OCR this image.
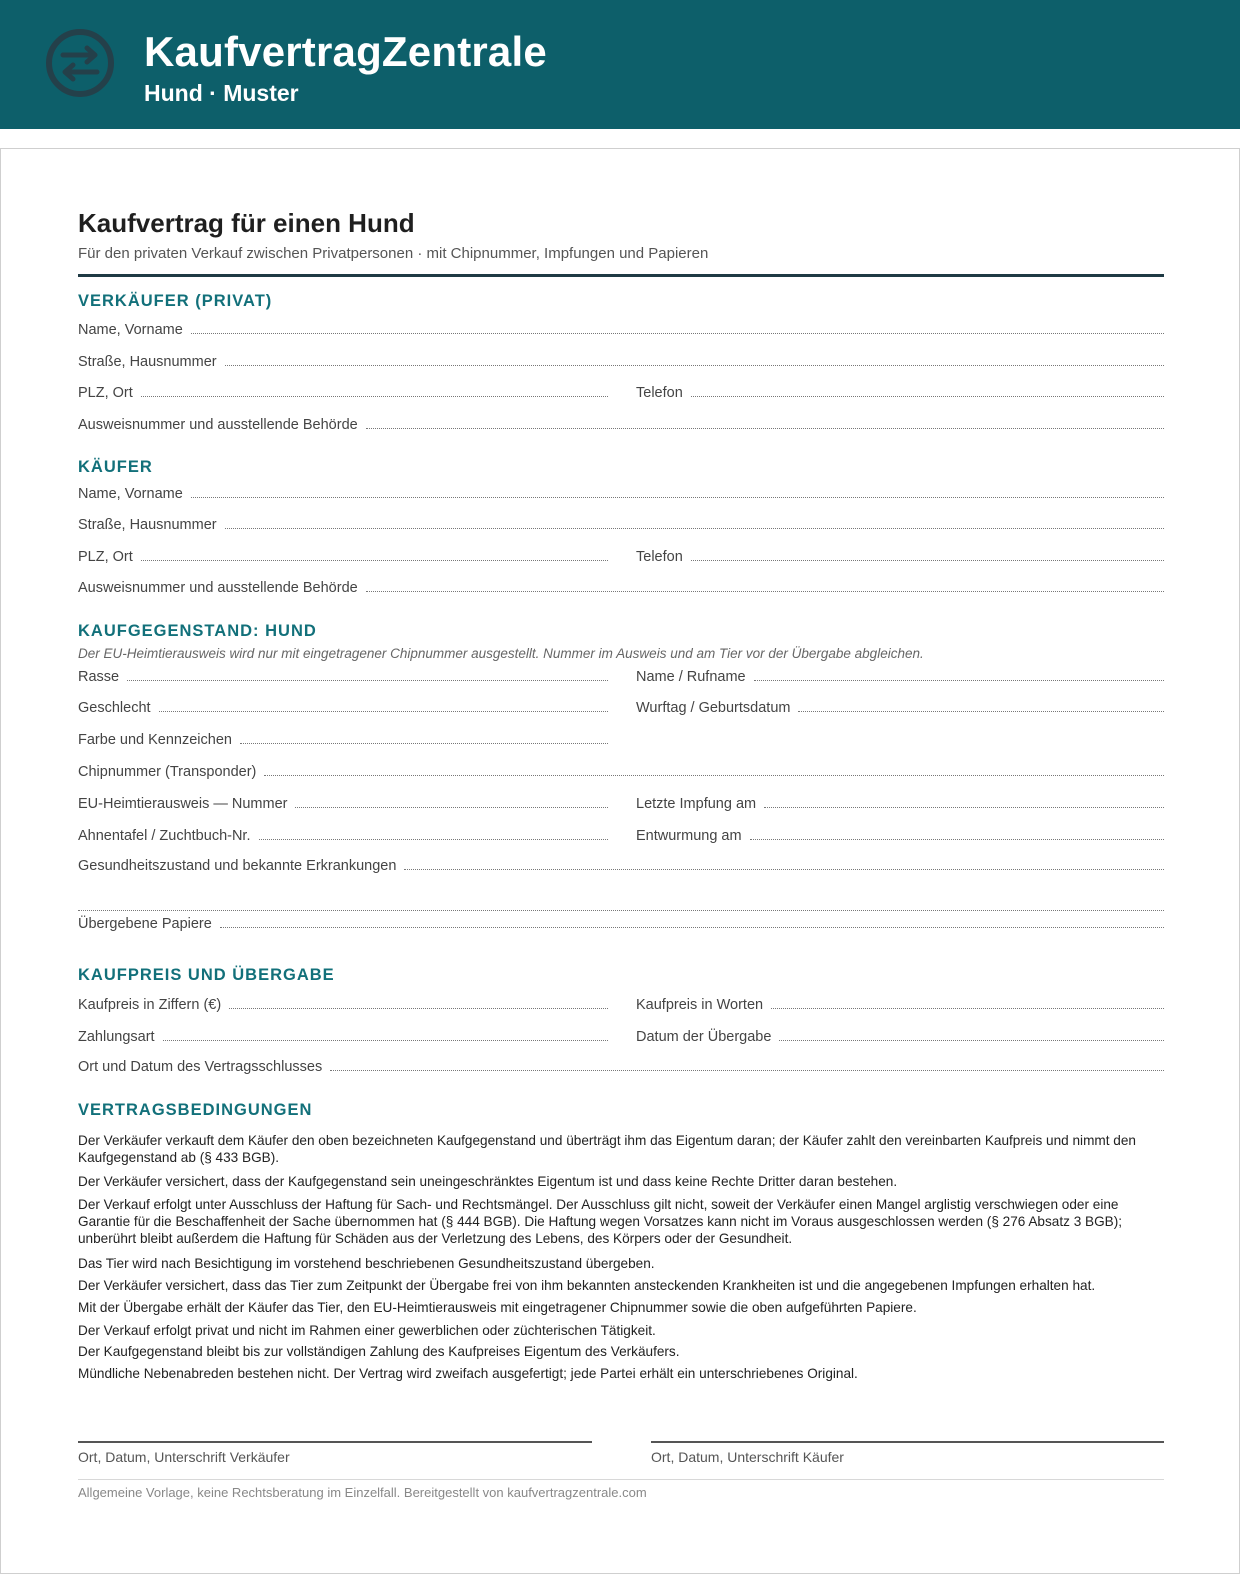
KaufvertragZentrale
Hund · Muster
Kaufvertrag für einen Hund
Für den privaten Verkauf zwischen Privatpersonen · mit Chipnummer, Impfungen und Papieren
VERKÄUFER (PRIVAT)
Name, Vorname
Straße, Hausnummer
PLZ, Ort	Telefon
Ausweisnummer und ausstellende Behörde
KÄUFER
Name, Vorname
Straße, Hausnummer
PLZ, Ort	Telefon
Ausweisnummer und ausstellende Behörde
KAUFGEGENSTAND: HUND
Der EU-Heimtierausweis wird nur mit eingetragener Chipnummer ausgestellt. Nummer im Ausweis und am Tier vor der Übergabe abgleichen.
Rasse	Name / Rufname
Geschlecht	Wurftag / Geburtsdatum
Farbe und Kennzeichen
Chipnummer (Transponder)
EU-Heimtierausweis — Nummer	Letzte Impfung am
Ahnentafel / Zuchtbuch-Nr.	Entwurmung am
Gesundheitszustand und bekannte Erkrankungen
Übergebene Papiere
KAUFPREIS UND ÜBERGABE
Kaufpreis in Ziffern (€)	Kaufpreis in Worten
Zahlungsart	Datum der Übergabe
Ort und Datum des Vertragsschlusses
VERTRAGSBEDINGUNGEN
Der Verkäufer verkauft dem Käufer den oben bezeichneten Kaufgegenstand und überträgt ihm das Eigentum daran; der Käufer zahlt den vereinbarten Kaufpreis und nimmt den Kaufgegenstand ab (§ 433 BGB).
Der Verkäufer versichert, dass der Kaufgegenstand sein uneingeschränktes Eigentum ist und dass keine Rechte Dritter daran bestehen.
Der Verkauf erfolgt unter Ausschluss der Haftung für Sach- und Rechtsmängel. Der Ausschluss gilt nicht, soweit der Verkäufer einen Mangel arglistig verschwiegen oder eine Garantie für die Beschaffenheit der Sache übernommen hat (§ 444 BGB). Die Haftung wegen Vorsatzes kann nicht im Voraus ausgeschlossen werden (§ 276 Absatz 3 BGB); unberührt bleibt außerdem die Haftung für Schäden aus der Verletzung des Lebens, des Körpers oder der Gesundheit.
Das Tier wird nach Besichtigung im vorstehend beschriebenen Gesundheitszustand übergeben.
Der Verkäufer versichert, dass das Tier zum Zeitpunkt der Übergabe frei von ihm bekannten ansteckenden Krankheiten ist und die angegebenen Impfungen erhalten hat.
Mit der Übergabe erhält der Käufer das Tier, den EU-Heimtierausweis mit eingetragener Chipnummer sowie die oben aufgeführten Papiere.
Der Verkauf erfolgt privat und nicht im Rahmen einer gewerblichen oder züchterischen Tätigkeit.
Der Kaufgegenstand bleibt bis zur vollständigen Zahlung des Kaufpreises Eigentum des Verkäufers.
Mündliche Nebenabreden bestehen nicht. Der Vertrag wird zweifach ausgefertigt; jede Partei erhält ein unterschriebenes Original.
Ort, Datum, Unterschrift Verkäufer	Ort, Datum, Unterschrift Käufer
Allgemeine Vorlage, keine Rechtsberatung im Einzelfall. Bereitgestellt von kaufvertragzentrale.com
